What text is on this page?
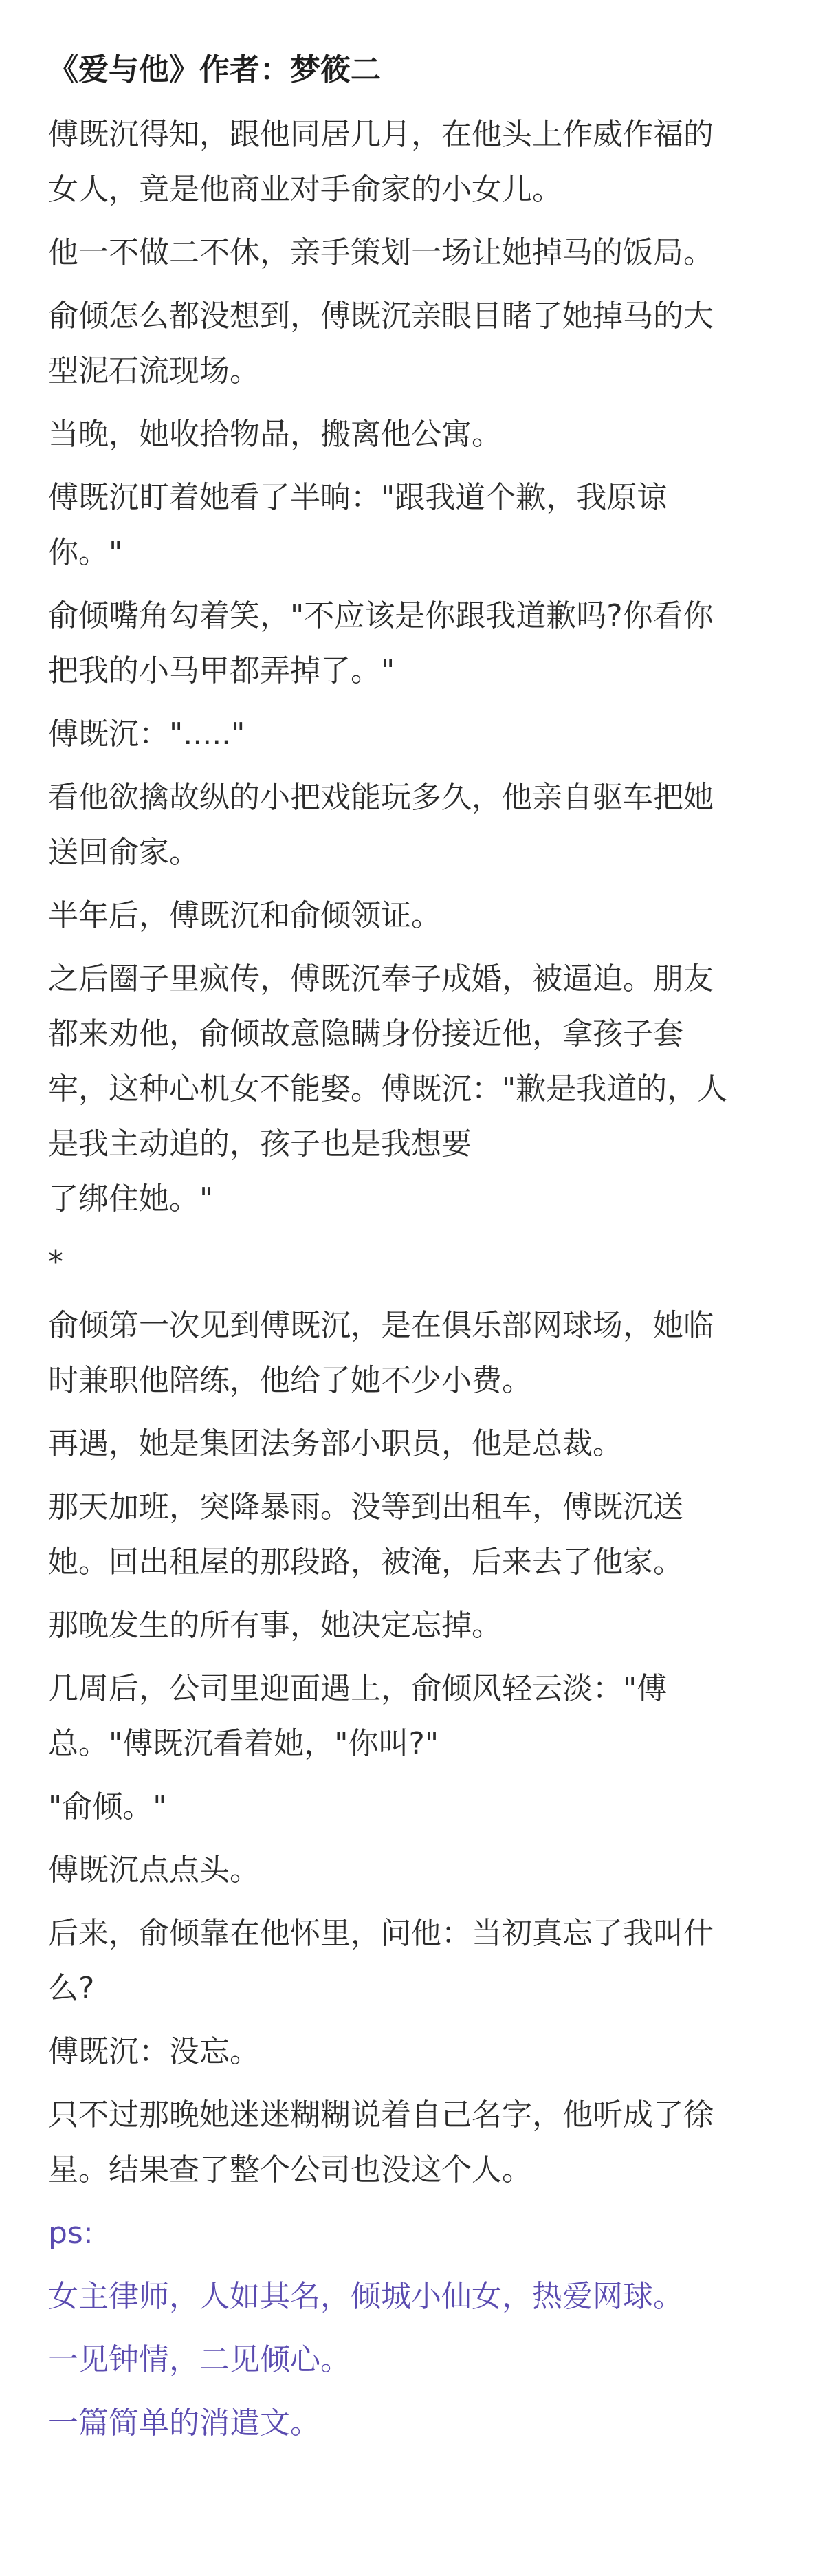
《爱与他》作者：梦筱二
傅既沉得知，跟他同居几月，在他头上作威作福的
女人，竟是他商业对手俞家的小女儿。
他一不做二不休，亲手策划一场让她掉马的饭局。
俞倾怎么都没想到，傅既沉亲眼目睹了她掉马的大
型泥石流现场。
当晚，她收拾物品，搬离他公寓。
傅既沉盯着她看了半晌："跟我道个歉，我原谅
你。"
俞倾嘴角勾着笑，"不应该是你跟我道歉吗?你看你
把我的小马甲都弄掉了。"
傅既沉："....."
看他欲擒故纵的小把戏能玩多久，他亲自驱车把她
送回俞家。
半年后，傅既沉和俞倾领证。
之后圈子里疯传，傅既沉奉子成婚，被逼迫。朋友
都来劝他，俞倾故意隐瞒身份接近他，拿孩子套
牢，这种心机女不能娶。傅既沉："歉是我道的，人
是我主动追的，孩子也是我想要
了绑住她。"
*
俞倾第一次见到傅既沉，是在俱乐部网球场，她临
时兼职他陪练，他给了她不少小费。
再遇，她是集团法务部小职员，他是总裁。
那天加班，突降暴雨。没等到出租车，傅既沉送
她。回出租屋的那段路，被淹，后来去了他家。
那晚发生的所有事，她决定忘掉。
几周后，公司里迎面遇上，俞倾风轻云淡："傅
总。"傅既沉看着她，"你叫?"
"俞倾。"
傅既沉点点头。
后来，俞倾靠在他怀里，问他：当初真忘了我叫什
么?
傅既沉：没忘。
只不过那晚她迷迷糊糊说着自己名字，他听成了徐
星。结果查了整个公司也没这个人。
ps:
女主律师，人如其名，倾城小仙女，热爱网球。
一见钟情，二见倾心。
一篇简单的消遣文。
